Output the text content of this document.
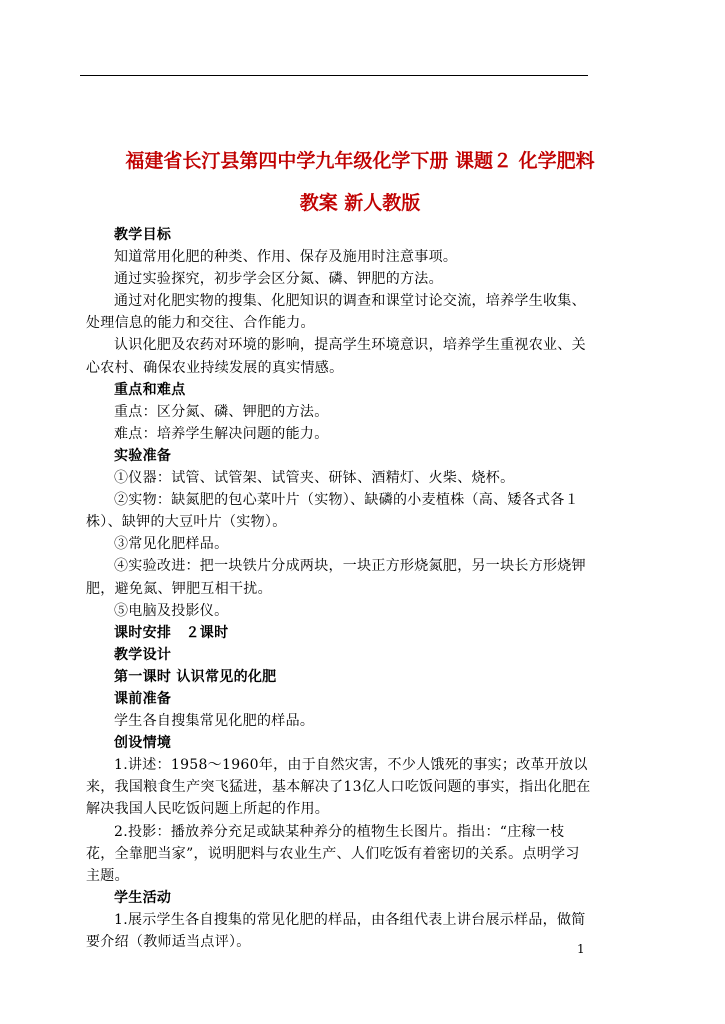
福建省长汀县第四中学九年级化学下册 课题２ 化学肥料
教案 新人教版

教学目标

知道常用化肥的种类、作用、保存及施用时注意事项。

通过实验探究，初步学会区分氮、磷、钾肥的方法。

通过对化肥实物的搜集、化肥知识的调查和课堂讨论交流，培养学生收集、处理信息的能力和交往、合作能力。

认识化肥及农药对环境的影响，提高学生环境意识，培养学生重视农业、关心农村、确保农业持续发展的真实情感。

重点和难点

重点：区分氮、磷、钾肥的方法。

难点：培养学生解决问题的能力。

实验准备

①仪器：试管、试管架、试管夹、研钵、酒精灯、火柴、烧杯。

②实物：缺氮肥的包心菜叶片（实物）、缺磷的小麦植株（高、矮各式各１株）、缺钾的大豆叶片（实物）。

③常见化肥样品。

④实验改进：把一块铁片分成两块，一块正方形烧氮肥，另一块长方形烧钾肥，避免氮、钾肥互相干扰。

⑤电脑及投影仪。

课时安排　２课时

教学设计

第一课时 认识常见的化肥

课前准备

学生各自搜集常见化肥的样品。

创设情境

1.讲述：1958～1960年，由于自然灾害，不少人饿死的事实；改革开放以来，我国粮食生产突飞猛进，基本解决了13亿人口吃饭问题的事实，指出化肥在解决我国人民吃饭问题上所起的作用。

2.投影：播放养分充足或缺某种养分的植物生长图片。指出：“庄稼一枝花，全靠肥当家”，说明肥料与农业生产、人们吃饭有着密切的关系。点明学习主题。

学生活动

1.展示学生各自搜集的常见化肥的样品，由各组代表上讲台展示样品，做简要介绍（教师适当点评）。	1
